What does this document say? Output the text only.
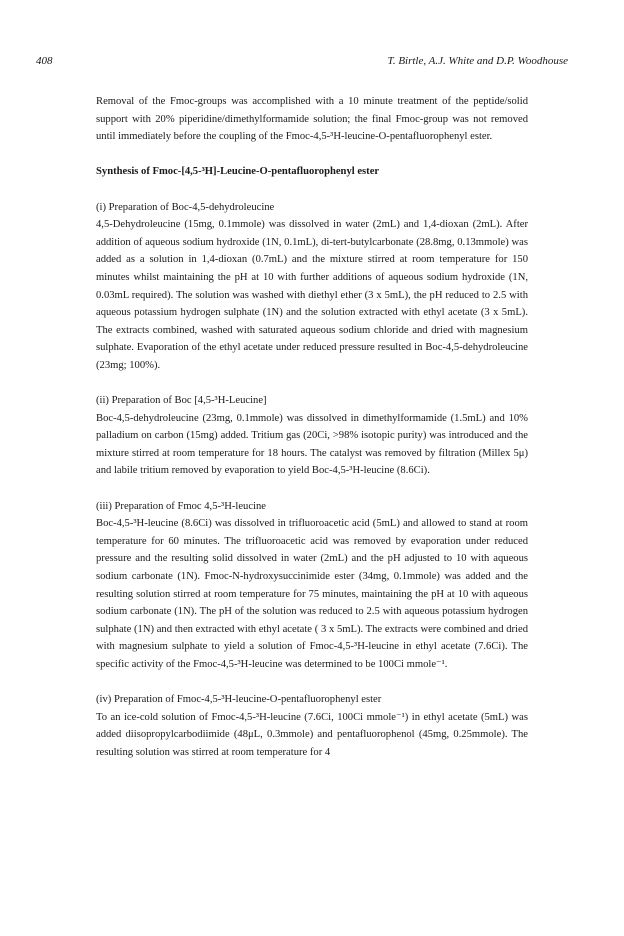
408	T. Birtle, A.J. White and D.P. Woodhouse

Removal of the Fmoc-groups was accomplished with a 10 minute treatment of the peptide/solid support with 20% piperidine/dimethylformamide solution; the final Fmoc-group was not removed until immediately before the coupling of the Fmoc-4,5-³H-leucine-O-pentafluorophenyl ester.

Synthesis of Fmoc-[4,5-³H]-Leucine-O-pentafluorophenyl ester

(i) Preparation of Boc-4,5-dehydroleucine

4,5-Dehydroleucine (15mg, 0.1mmole) was dissolved in water (2mL) and 1,4-dioxan (2mL). After addition of aqueous sodium hydroxide (1N, 0.1mL), di-tert-butylcarbonate (28.8mg, 0.13mmole) was added as a solution in 1,4-dioxan (0.7mL) and the mixture stirred at room temperature for 150 minutes whilst maintaining the pH at 10 with further additions of aqueous sodium hydroxide (1N, 0.03mL required). The solution was washed with diethyl ether (3 x 5mL), the pH reduced to 2.5 with aqueous potassium hydrogen sulphate (1N) and the solution extracted with ethyl acetate (3 x 5mL). The extracts combined, washed with saturated aqueous sodium chloride and dried with magnesium sulphate. Evaporation of the ethyl acetate under reduced pressure resulted in Boc-4,5-dehydroleucine (23mg; 100%).

(ii) Preparation of Boc [4,5-³H-Leucine]

Boc-4,5-dehydroleucine (23mg, 0.1mmole) was dissolved in dimethylformamide (1.5mL) and 10% palladium on carbon (15mg) added. Tritium gas (20Ci, >98% isotopic purity) was introduced and the mixture stirred at room temperature for 18 hours. The catalyst was removed by filtration (Millex 5μ) and labile tritium removed by evaporation to yield Boc-4,5-³H-leucine (8.6Ci).

(iii) Preparation of Fmoc 4,5-³H-leucine

Boc-4,5-³H-leucine (8.6Ci) was dissolved in trifluoroacetic acid (5mL) and allowed to stand at room temperature for 60 minutes. The trifluoroacetic acid was removed by evaporation under reduced pressure and the resulting solid dissolved in water (2mL) and the pH adjusted to 10 with aqueous sodium carbonate (1N). Fmoc-N-hydroxysuccinimide ester (34mg, 0.1mmole) was added and the resulting solution stirred at room temperature for 75 minutes, maintaining the pH at 10 with aqueous sodium carbonate (1N). The pH of the solution was reduced to 2.5 with aqueous potassium hydrogen sulphate (1N) and then extracted with ethyl acetate ( 3 x 5mL). The extracts were combined and dried with magnesium sulphate to yield a solution of Fmoc-4,5-³H-leucine in ethyl acetate (7.6Ci). The specific activity of the Fmoc-4,5-³H-leucine was determined to be 100Ci mmole⁻¹.

(iv) Preparation of Fmoc-4,5-³H-leucine-O-pentafluorophenyl ester

To an ice-cold solution of Fmoc-4,5-³H-leucine (7.6Ci, 100Ci mmole⁻¹) in ethyl acetate (5mL) was added diisopropylcarbodiimide (48μL, 0.3mmole) and pentafluorophenol (45mg, 0.25mmole). The resulting solution was stirred at room temperature for 4
